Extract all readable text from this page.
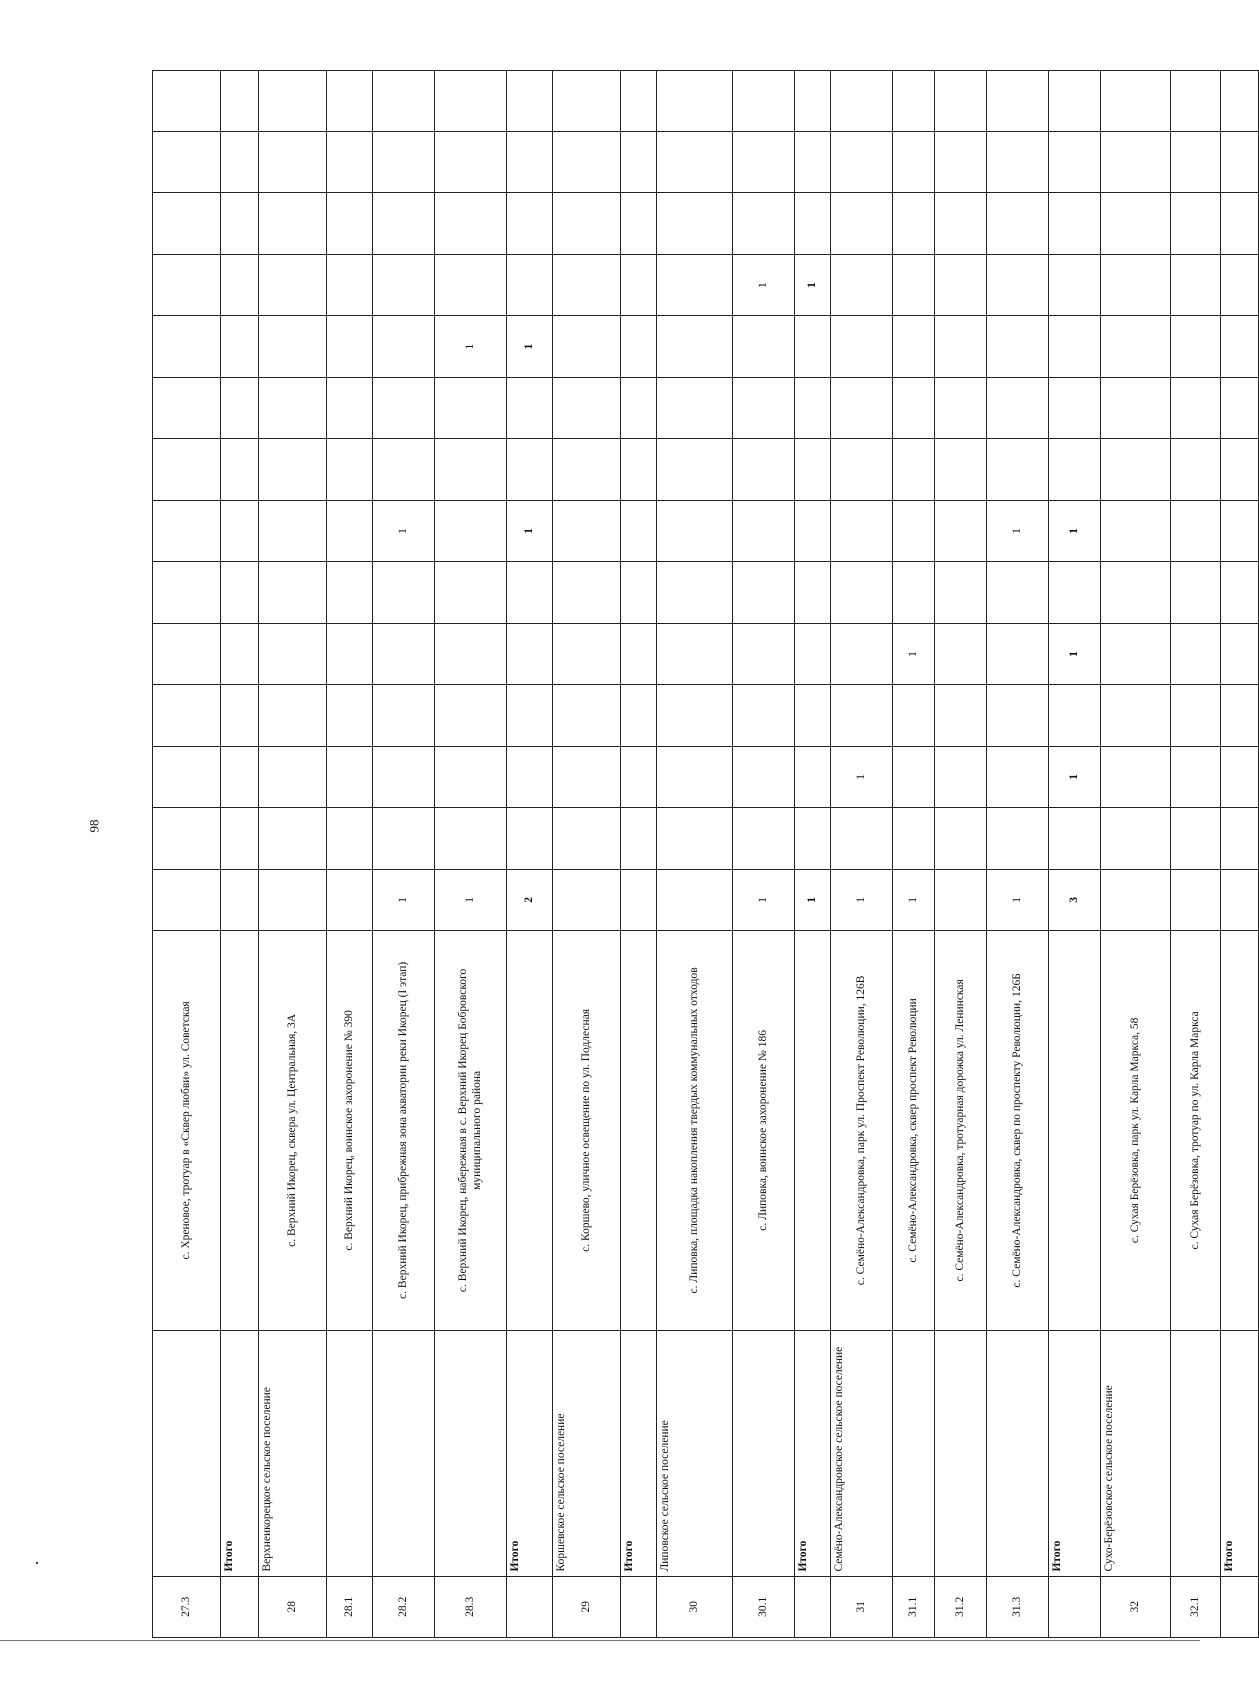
98
27.3		с. Хреновое, тротуар в «Сквер любви» ул. Советская														
	Итого															
28	Верхнеикорецкое сельское поселение	с. Верхний Икорец, сквера ул. Центральная, 3А														
28.1		с. Верхний Икорец, воинское захоронение № 390														
28.2		с. Верхний Икорец, прибрежная зона акватории реки Икорец (I этап)	1						1							
28.3		с. Верхний Икорец, набережная в с. Верхний Икорец Бобровского муниципального района	1									1				
	Итого		2						1			1				
29	Коршевское сельское поселение	с. Коршево, уличное освещение по ул. Подлесная														
	Итого															
30	Липовское сельское поселение	с. Липовка, площадка накопления твердых коммунальных отходов														
30.1		с. Липовка, воинское захоронение № 186	1										1			
	Итого		1										1			
31	Семёно-Александровское сельское поселение	с. Семёно-Александровка, парк ул. Проспект Революции, 126В	1		1											
31.1		с. Семёно-Александровка, сквер проспект Революции	1				1									
31.2		с. Семёно-Александровка, тротуарная дорожка ул. Ленинская														
31.3		с. Семёно-Александровка, сквер по проспекту Революции, 126Б	1						1							
	Итого		3		1		1		1							
32	Сухо-Берёзовское сельское поселение	с. Сухая Берёзовка, парк ул. Карла Маркса, 58														
32.1		с. Сухая Берёзовка, тротуар по ул. Карла Маркса														
	Итого															
